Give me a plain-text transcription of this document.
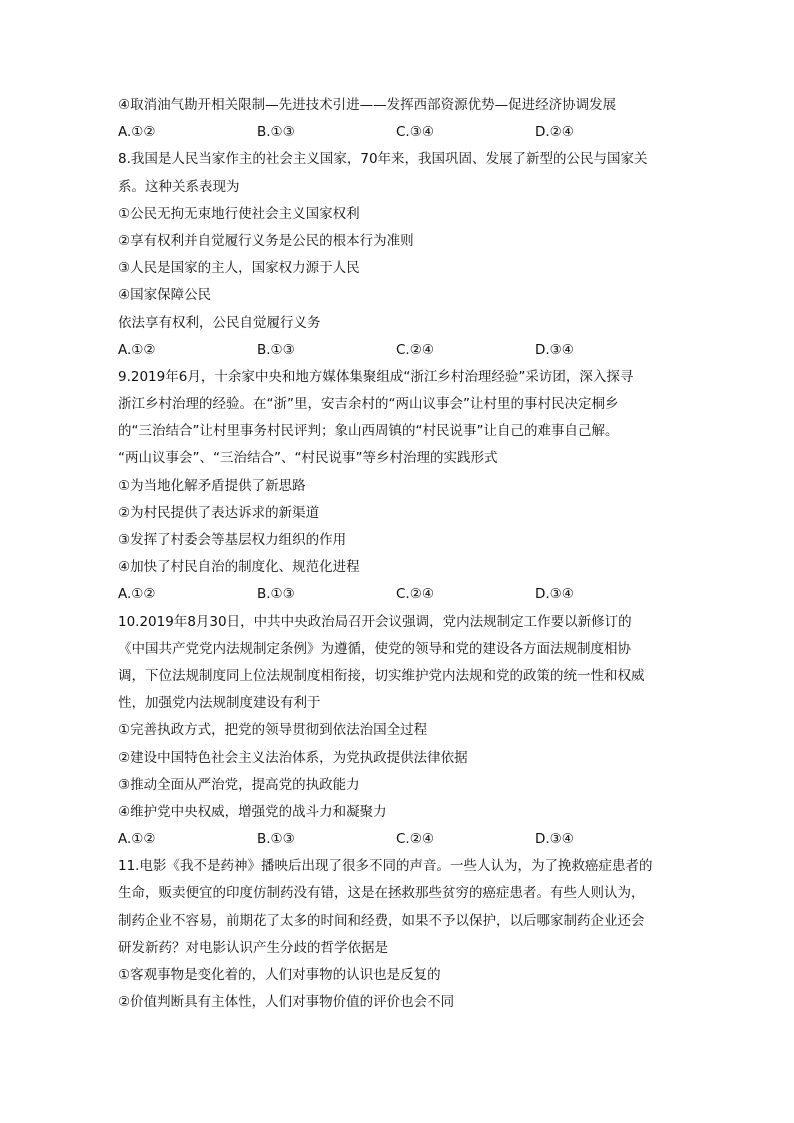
④取消油气勘开相关限制—先进技术引进——发挥西部资源优势—促进经济协调发展
A.①②	B.①③	C.③④	D.②④
8.我国是人民当家作主的社会主义国家，70年来，我国巩固、发展了新型的公民与国家关
系。这种关系表现为
①公民无拘无束地行使社会主义国家权利
②享有权利并自觉履行义务是公民的根本行为准则
③人民是国家的主人，国家权力源于人民
④国家保障公民
依法享有权利，公民自觉履行义务
A.①②	B.①③	C.②④	D.③④
9.2019年6月，十余家中央和地方媒体集聚组成“浙江乡村治理经验”采访团，深入探寻
浙江乡村治理的经验。在“浙”里，安吉余村的“两山议事会”让村里的事村民决定桐乡
的“三治结合”让村里事务村民评判；象山西周镇的“村民说事”让自己的难事自己解。
“两山议事会”、“三治结合”、“村民说事”等乡村治理的实践形式
①为当地化解矛盾提供了新思路
②为村民提供了表达诉求的新渠道
③发挥了村委会等基层权力组织的作用
④加快了村民自治的制度化、规范化进程
A.①②	B.①③	C.②④	D.③④
10.2019年8月30日，中共中央政治局召开会议强调，党内法规制定工作要以新修订的
《中国共产党党内法规制定条例》为遵循，使党的领导和党的建设各方面法规制度相协
调，下位法规制度同上位法规制度相衔接，切实维护党内法规和党的政策的统一性和权威
性，加强党内法规制度建设有利于
①完善执政方式，把党的领导贯彻到依法治国全过程
②建设中国特色社会主义法治体系，为党执政提供法律依据
③推动全面从严治党，提高党的执政能力
④维护党中央权威，增强党的战斗力和凝聚力
A.①②	B.①③	C.②④	D.③④
11.电影《我不是药神》播映后出现了很多不同的声音。一些人认为，为了挽救癌症患者的
生命，贩卖便宜的印度仿制药没有错，这是在拯救那些贫穷的癌症患者。有些人则认为，
制药企业不容易，前期花了太多的时间和经费，如果不予以保护，以后哪家制药企业还会
研发新药？对电影认识产生分歧的哲学依据是
①客观事物是变化着的，人们对事物的认识也是反复的
②价值判断具有主体性，人们对事物价值的评价也会不同
